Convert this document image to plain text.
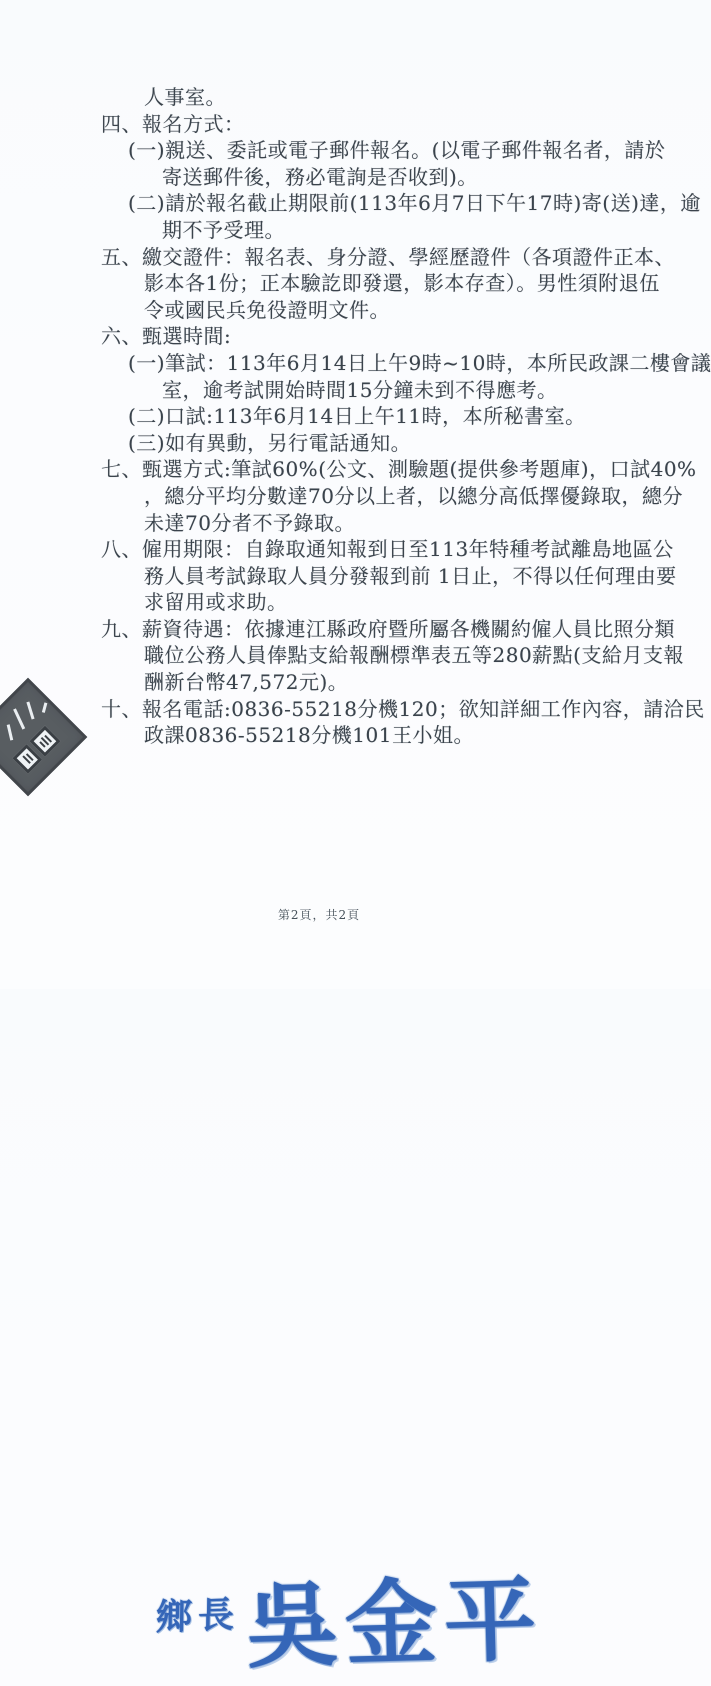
人事室。
四、報名方式：
(一)親送、委託或電子郵件報名。(以電子郵件報名者，請於
寄送郵件後，務必電詢是否收到)。
(二)請於報名截止期限前(113年6月7日下午17時)寄(送)達，逾
期不予受理。
五、繳交證件：報名表、身分證、學經歷證件（各項證件正本、
影本各1份；正本驗訖即發還，影本存查）。男性須附退伍
令或國民兵免役證明文件。
六、甄選時間:
(一)筆試：113年6月14日上午9時~10時，本所民政課二樓會議
室，逾考試開始時間15分鐘未到不得應考。
(二)口試:113年6月14日上午11時，本所秘書室。
(三)如有異動，另行電話通知。
七、甄選方式:筆試60%(公文、測驗題(提供參考題庫)，口試40%
，總分平均分數達70分以上者，以總分高低擇優錄取，總分
未達70分者不予錄取。
八、僱用期限：自錄取通知報到日至113年特種考試離島地區公
務人員考試錄取人員分發報到前 1日止，不得以任何理由要
求留用或求助。
九、薪資待遇：依據連江縣政府暨所屬各機關約僱人員比照分類
職位公務人員俸點支給報酬標準表五等280薪點(支給月支報
酬新台幣47,572元)。
十、報名電話:0836-55218分機120；欲知詳細工作內容，請洽民
政課0836-55218分機101王小姐。
鄉長 吳金平
第2頁，共2頁
